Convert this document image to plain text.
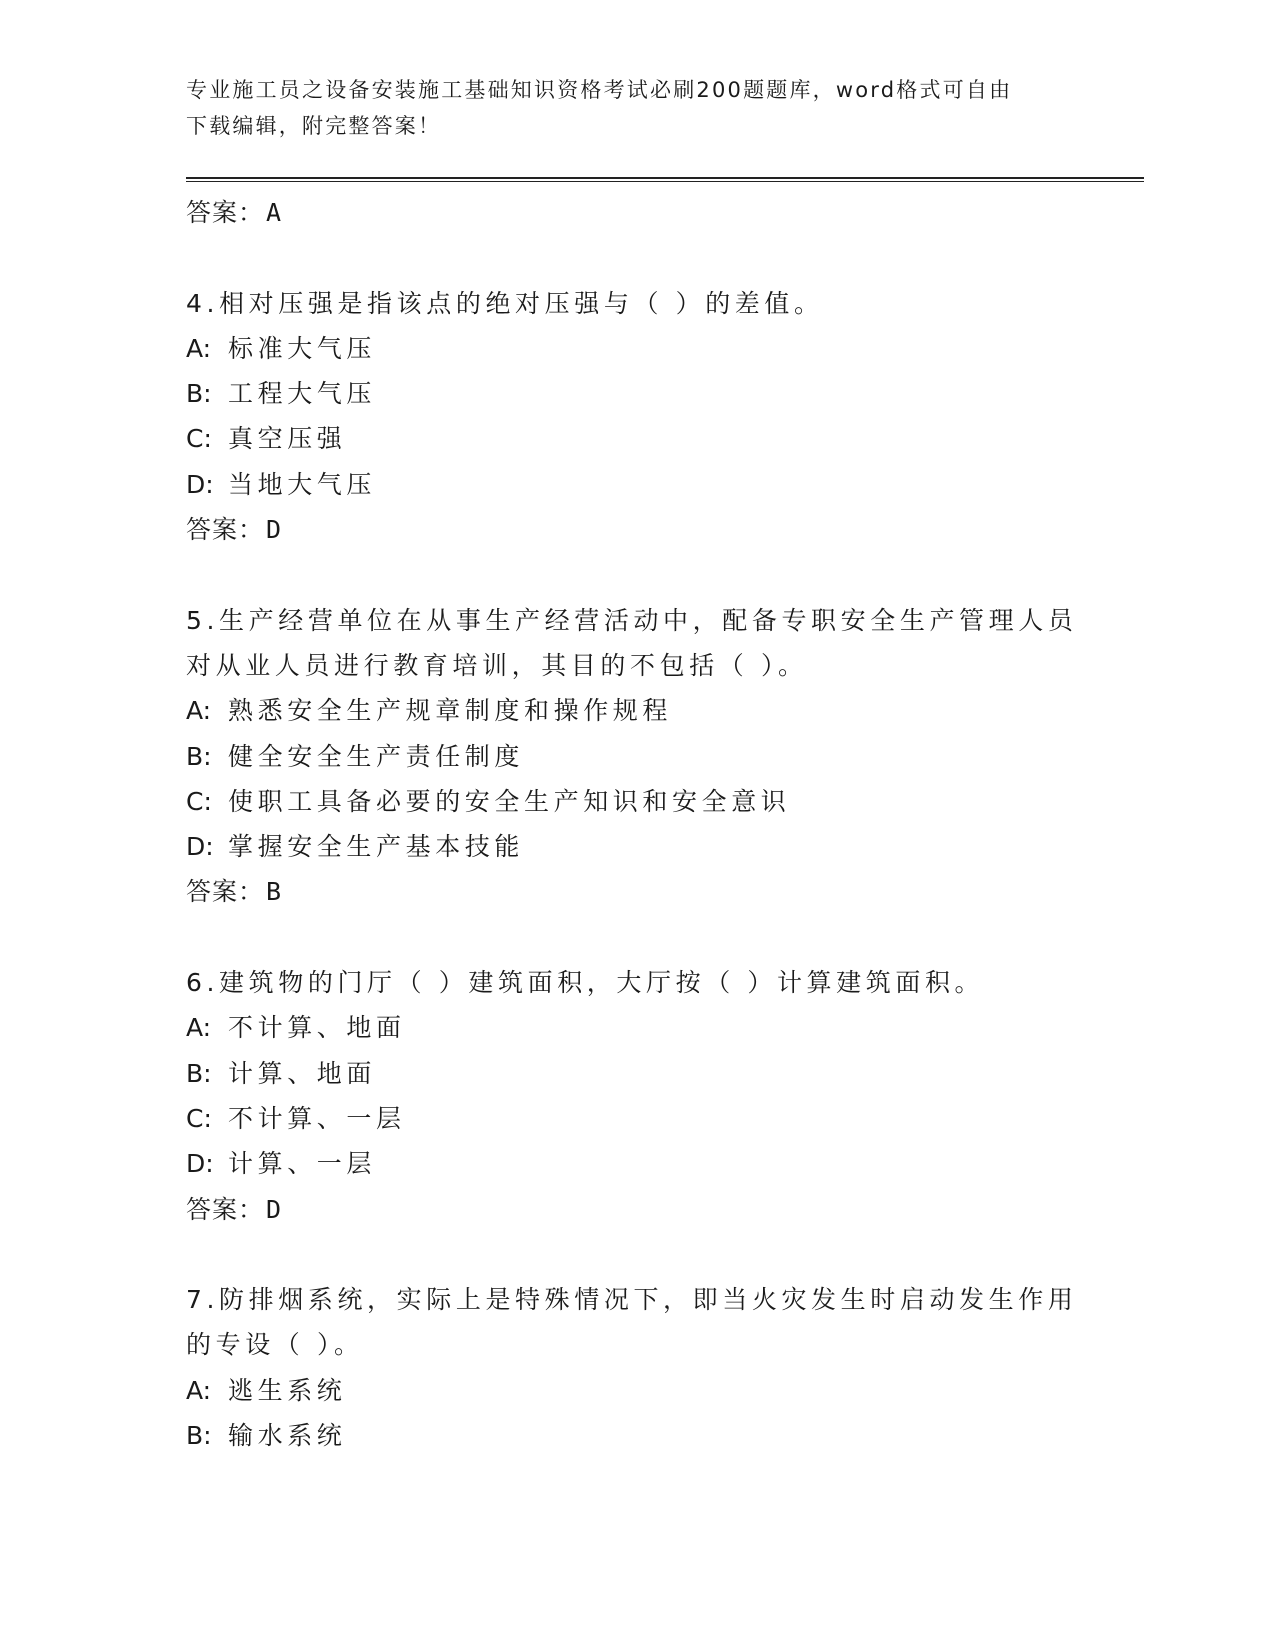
专业施工员之设备安装施工基础知识资格考试必刷200题题库，word格式可自由
下载编辑，附完整答案！
答案：A
4.相对压强是指该点的绝对压强与（ ）的差值。
A: 标准大气压
B: 工程大气压
C: 真空压强
D: 当地大气压
答案：D
5.生产经营单位在从事生产经营活动中，配备专职安全生产管理人员
对从业人员进行教育培训，其目的不包括（ ）。
A: 熟悉安全生产规章制度和操作规程
B: 健全安全生产责任制度
C: 使职工具备必要的安全生产知识和安全意识
D: 掌握安全生产基本技能
答案：B
6.建筑物的门厅（ ）建筑面积，大厅按（ ）计算建筑面积。
A: 不计算、地面
B: 计算、地面
C: 不计算、一层
D: 计算、一层
答案：D
7.防排烟系统，实际上是特殊情况下，即当火灾发生时启动发生作用
的专设（ ）。
A: 逃生系统
B: 输水系统
